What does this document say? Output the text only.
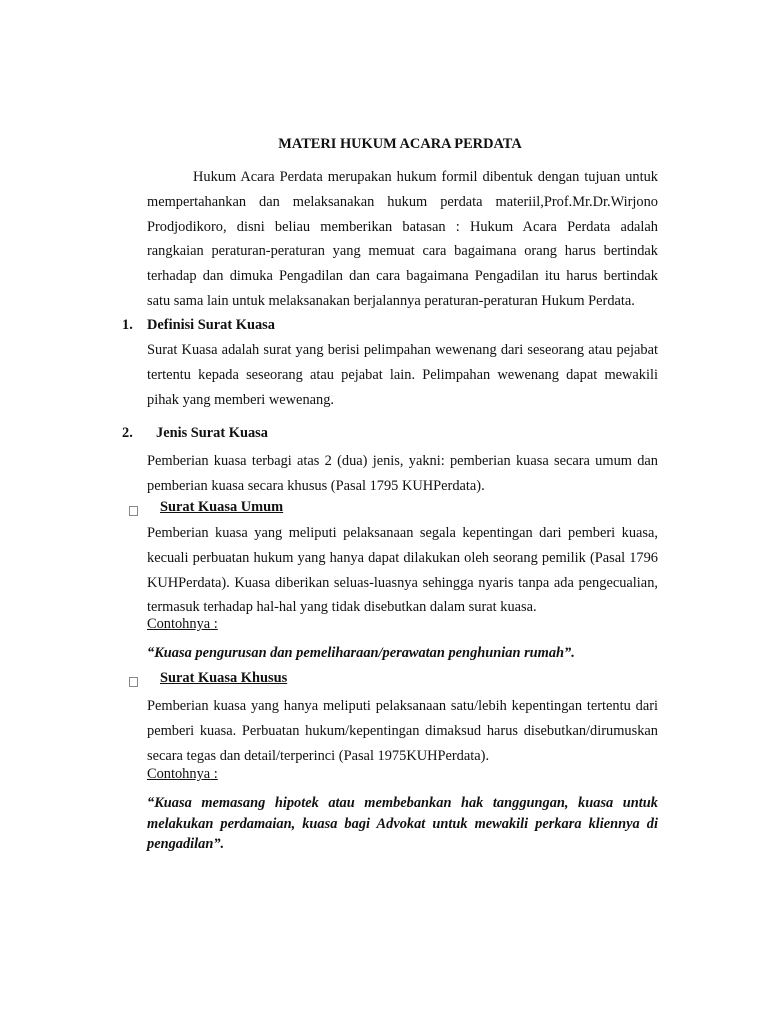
MATERI HUKUM ACARA PERDATA

Hukum Acara Perdata merupakan hukum formil dibentuk dengan tujuan untuk mempertahankan dan melaksanakan hukum perdata materiil,Prof.Mr.Dr.Wirjono Prodjodikoro, disni beliau memberikan batasan : Hukum Acara Perdata adalah rangkaian peraturan-peraturan yang memuat cara bagaimana orang harus bertindak terhadap dan dimuka Pengadilan dan cara bagaimana Pengadilan itu harus bertindak satu sama lain untuk melaksanakan berjalannya peraturan-peraturan Hukum Perdata.

1. Definisi Surat Kuasa

Surat Kuasa adalah surat yang berisi pelimpahan wewenang dari seseorang atau pejabat tertentu kepada seseorang atau pejabat lain. Pelimpahan wewenang dapat mewakili pihak yang memberi wewenang.

2. Jenis Surat Kuasa

Pemberian kuasa terbagi atas 2 (dua) jenis, yakni: pemberian kuasa secara umum dan pemberian kuasa secara khusus (Pasal 1795 KUHPerdata).

Surat Kuasa Umum

Pemberian kuasa yang meliputi pelaksanaan segala kepentingan dari pemberi kuasa, kecuali perbuatan hukum yang hanya dapat dilakukan oleh seorang pemilik (Pasal 1796 KUHPerdata). Kuasa diberikan seluas-luasnya sehingga nyaris tanpa ada pengecualian, termasuk terhadap hal-hal yang tidak disebutkan dalam surat kuasa.

Contohnya :
“Kuasa pengurusan dan pemeliharaan/perawatan penghunian rumah”.
Surat Kuasa Khusus

Pemberian kuasa yang hanya meliputi pelaksanaan satu/lebih kepentingan tertentu dari pemberi kuasa. Perbuatan hukum/kepentingan dimaksud harus disebutkan/dirumuskan secara tegas dan detail/terperinci (Pasal 1975KUHPerdata).

Contohnya :

“Kuasa memasang hipotek atau membebankan hak tanggungan, kuasa untuk melakukan perdamaian, kuasa bagi Advokat untuk mewakili perkara kliennya di pengadilan”.
